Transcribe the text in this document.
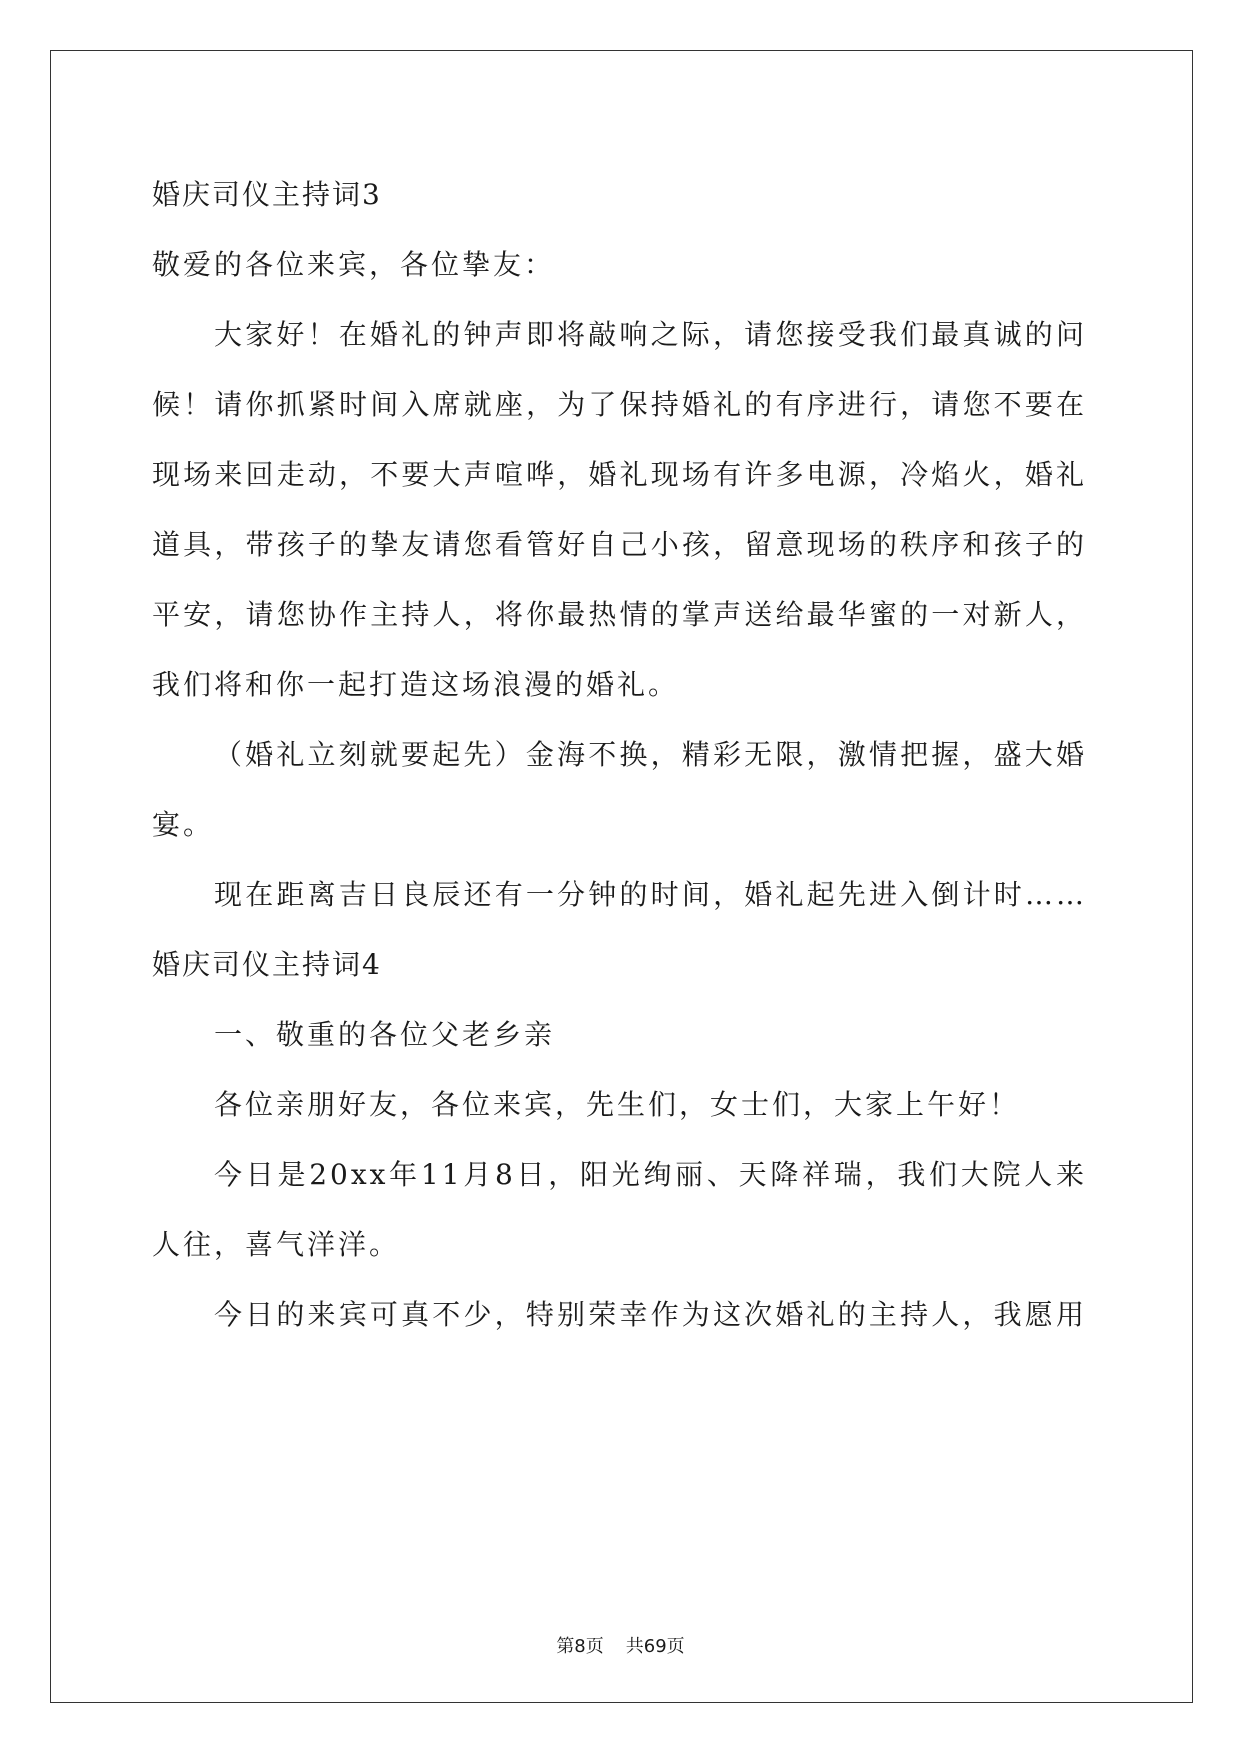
婚庆司仪主持词3
敬爱的各位来宾，各位挚友：
大家好！在婚礼的钟声即将敲响之际，请您接受我们最真诚的问
候！请你抓紧时间入席就座，为了保持婚礼的有序进行，请您不要在
现场来回走动，不要大声喧哗，婚礼现场有许多电源，冷焰火，婚礼
道具，带孩子的挚友请您看管好自己小孩，留意现场的秩序和孩子的
平安，请您协作主持人，将你最热情的掌声送给最华蜜的一对新人，
我们将和你一起打造这场浪漫的婚礼。
（婚礼立刻就要起先）金海不换，精彩无限，激情把握，盛大婚
宴。
现在距离吉日良辰还有一分钟的时间，婚礼起先进入倒计时……
婚庆司仪主持词4
一、敬重的各位父老乡亲
各位亲朋好友，各位来宾，先生们，女士们，大家上午好！
今日是20xx年11月8日，阳光绚丽、天降祥瑞，我们大院人来
人往，喜气洋洋。
今日的来宾可真不少，特别荣幸作为这次婚礼的主持人，我愿用
第8页 共69页
